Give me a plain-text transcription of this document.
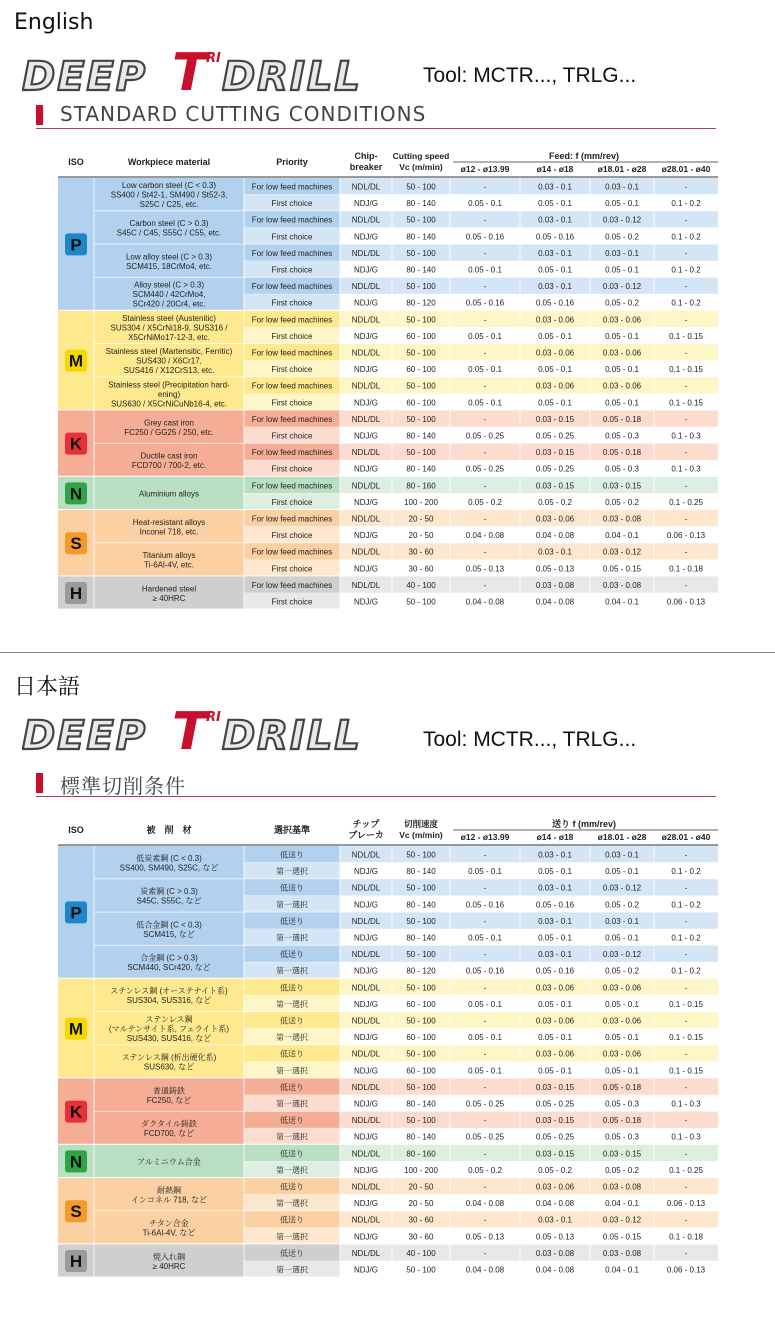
English
DEEP T
RI DRILL	Tool: MCTR..., TRLG...
STANDARD CUTTING CONDITIONS
ISO	Workpiece material	Priority
Chip-
breaker
Cutting speed
Vc (m/min)
Feed: f (mm/rev)
ø12 - ø13.99	ø14 - ø18	ø18.01 - ø28 ø28.01 - ø40
P
Low carbon steel (C < 0.3)
SS400 / St42-1, SM490 / St52-3,
S25C / C25, etc.
For low feed machines NDL/DL	50 - 100	-	0.03 - 0.1	0.03 - 0.1	-
First choice	NDJ/G	80 - 140	0.05 - 0.1	0.05 - 0.1	0.05 - 0.1	0.1 - 0.2
Carbon steel (C > 0.3)
S45C / C45, S55C / C55, etc.
For low feed machines NDL/DL	50 - 100	-	0.03 - 0.1	0.03 - 0.12	-
First choice	NDJ/G	80 - 140	0.05 - 0.16	0.05 - 0.16	0.05 - 0.2	0.1 - 0.2
Low alloy steel (C > 0.3)
SCM415, 18CrMo4, etc.
For low feed machines NDL/DL	50 - 100	-	0.03 - 0.1	0.03 - 0.1	-
First choice	NDJ/G	80 - 140	0.05 - 0.1	0.05 - 0.1	0.05 - 0.1	0.1 - 0.2
Alloy steel (C > 0.3)
SCM440 / 42CrMo4,
SCr420 / 20Cr4, etc.
For low feed machines NDL/DL	50 - 100	-	0.03 - 0.1	0.03 - 0.12	-
First choice	NDJ/G	80 - 120	0.05 - 0.16	0.05 - 0.16	0.05 - 0.2	0.1 - 0.2
M
Stainless steel (Austenitic)
SUS304 / X5CrNi18-9, SUS316 /
X5CrNiMo17-12-3, etc.
For low feed machines NDL/DL	50 - 100	-	0.03 - 0.06	0.03 - 0.06	-
First choice	NDJ/G	60 - 100	0.05 - 0.1	0.05 - 0.1	0.05 - 0.1	0.1 - 0.15
Stainless steel (Martensitic, Ferritic)
SUS430 / X6Cr17,
SUS416 / X12CrS13, etc.
For low feed machines NDL/DL	50 - 100	-	0.03 - 0.06	0.03 - 0.06	-
First choice	NDJ/G	60 - 100	0.05 - 0.1	0.05 - 0.1	0.05 - 0.1	0.1 - 0.15
Stainless steel (Precipitation hard-
ening)
SUS630 / X5CrNiCuNb16-4, etc.
For low feed machines NDL/DL	50 - 100	-	0.03 - 0.06	0.03 - 0.06	-
First choice	NDJ/G	60 - 100	0.05 - 0.1	0.05 - 0.1	0.05 - 0.1	0.1 - 0.15
K
Grey cast iron
FC250 / GG25 / 250, etc.
For low feed machines NDL/DL	50 - 100	-	0.03 - 0.15	0.05 - 0.18	-
First choice	NDJ/G	80 - 140	0.05 - 0.25	0.05 - 0.25	0.05 - 0.3	0.1 - 0.3
Ductile cast iron
FCD700 / 700-2, etc.
For low feed machines NDL/DL	50 - 100	-	0.03 - 0.15	0.05 - 0.18	-
First choice	NDJ/G	80 - 140	0.05 - 0.25	0.05 - 0.25	0.05 - 0.3	0.1 - 0.3
N	Aluminium alloys
For low feed machines NDL/DL	80 - 160	-	0.03 - 0.15	0.03 - 0.15	-
First choice	NDJ/G	100 - 200	0.05 - 0.2	0.05 - 0.2	0.05 - 0.2	0.1 - 0.25
S
Heat-resistant alloys
Inconel 718, etc.
For low feed machines NDL/DL	20 - 50	-	0.03 - 0.06	0.03 - 0.08	-
First choice	NDJ/G	20 - 50	0.04 - 0.08	0.04 - 0.08	0.04 - 0.1	0.06 - 0.13
Titanium alloys
Ti-6Al-4V, etc.
For low feed machines NDL/DL	30 - 60	-	0.03 - 0.1	0.03 - 0.12	-
First choice	NDJ/G	30 - 60	0.05 - 0.13	0.05 - 0.13	0.05 - 0.15	0.1 - 0.18
H	Hardened steel
≥ 40HRC
For low feed machines NDL/DL	40 - 100	-	0.03 - 0.08	0.03 - 0.08	-
First choice	NDJ/G	50 - 100	0.04 - 0.08	0.04 - 0.08	0.04 - 0.1	0.06 - 0.13
日本語
DEEP T
RI DRILL	Tool: MCTR..., TRLG...
標準切削条件
ISO	被　削　材	選択基準
チップ
ブレーカ
切削速度
Vc (m/min)
送り f (mm/rev)
ø12 - ø13.99	ø14 - ø18	ø18.01 - ø28 ø28.01 - ø40
P
低炭素鋼 (C < 0.3)
SS400, SM490, S25C, など
低送り	NDL/DL	50 - 100	-	0.03 - 0.1	0.03 - 0.1	-
第一選択	NDJ/G	80 - 140	0.05 - 0.1	0.05 - 0.1	0.05 - 0.1	0.1 - 0.2
炭素鋼 (C > 0.3)
S45C, S55C, など
低送り	NDL/DL	50 - 100	-	0.03 - 0.1	0.03 - 0.12	-
第一選択	NDJ/G	80 - 140	0.05 - 0.16	0.05 - 0.16	0.05 - 0.2	0.1 - 0.2
低合金鋼 (C < 0.3)
SCM415, など
低送り	NDL/DL	50 - 100	-	0.03 - 0.1	0.03 - 0.1	-
第一選択	NDJ/G	80 - 140	0.05 - 0.1	0.05 - 0.1	0.05 - 0.1	0.1 - 0.2
合金鋼 (C > 0.3)
SCM440, SCr420, など
低送り	NDL/DL	50 - 100	-	0.03 - 0.1	0.03 - 0.12	-
第一選択	NDJ/G	80 - 120	0.05 - 0.16	0.05 - 0.16	0.05 - 0.2	0.1 - 0.2
M
ステンレス鋼 (オーステナイト系)
SUS304, SUS316, など
低送り	NDL/DL	50 - 100	-	0.03 - 0.06	0.03 - 0.06	-
第一選択	NDJ/G	60 - 100	0.05 - 0.1	0.05 - 0.1	0.05 - 0.1	0.1 - 0.15
ステンレス鋼
(マルテンサイト系, フェライト系)
SUS430, SUS416, など
低送り	NDL/DL	50 - 100	-	0.03 - 0.06	0.03 - 0.06	-
第一選択	NDJ/G	60 - 100	0.05 - 0.1	0.05 - 0.1	0.05 - 0.1	0.1 - 0.15
ステンレス鋼 (析出硬化系)
SUS630, など
低送り	NDL/DL	50 - 100	-	0.03 - 0.06	0.03 - 0.06	-
第一選択	NDJ/G	60 - 100	0.05 - 0.1	0.05 - 0.1	0.05 - 0.1	0.1 - 0.15
K
普通鋳鉄
FC250, など
低送り	NDL/DL	50 - 100	-	0.03 - 0.15	0.05 - 0.18	-
第一選択	NDJ/G	80 - 140	0.05 - 0.25	0.05 - 0.25	0.05 - 0.3	0.1 - 0.3
ダクタイル鋳鉄
FCD700, など
低送り	NDL/DL	50 - 100	-	0.03 - 0.15	0.05 - 0.18	-
第一選択	NDJ/G	80 - 140	0.05 - 0.25	0.05 - 0.25	0.05 - 0.3	0.1 - 0.3
N	アルミニウム合金
低送り	NDL/DL	80 - 160	-	0.03 - 0.15	0.03 - 0.15	-
第一選択	NDJ/G	100 - 200	0.05 - 0.2	0.05 - 0.2	0.05 - 0.2	0.1 - 0.25
S
耐熱鋼
インコネル 718, など
低送り	NDL/DL	20 - 50	-	0.03 - 0.06	0.03 - 0.08	-
第一選択	NDJ/G	20 - 50	0.04 - 0.08	0.04 - 0.08	0.04 - 0.1	0.06 - 0.13
チタン合金
Ti-6Al-4V, など
低送り	NDL/DL	30 - 60	-	0.03 - 0.1	0.03 - 0.12	-
第一選択	NDJ/G	30 - 60	0.05 - 0.13	0.05 - 0.13	0.05 - 0.15	0.1 - 0.18
H	焼入れ鋼
≥ 40HRC
低送り	NDL/DL	40 - 100	-	0.03 - 0.08	0.03 - 0.08	-
第一選択	NDJ/G	50 - 100	0.04 - 0.08	0.04 - 0.08	0.04 - 0.1	0.06 - 0.13
